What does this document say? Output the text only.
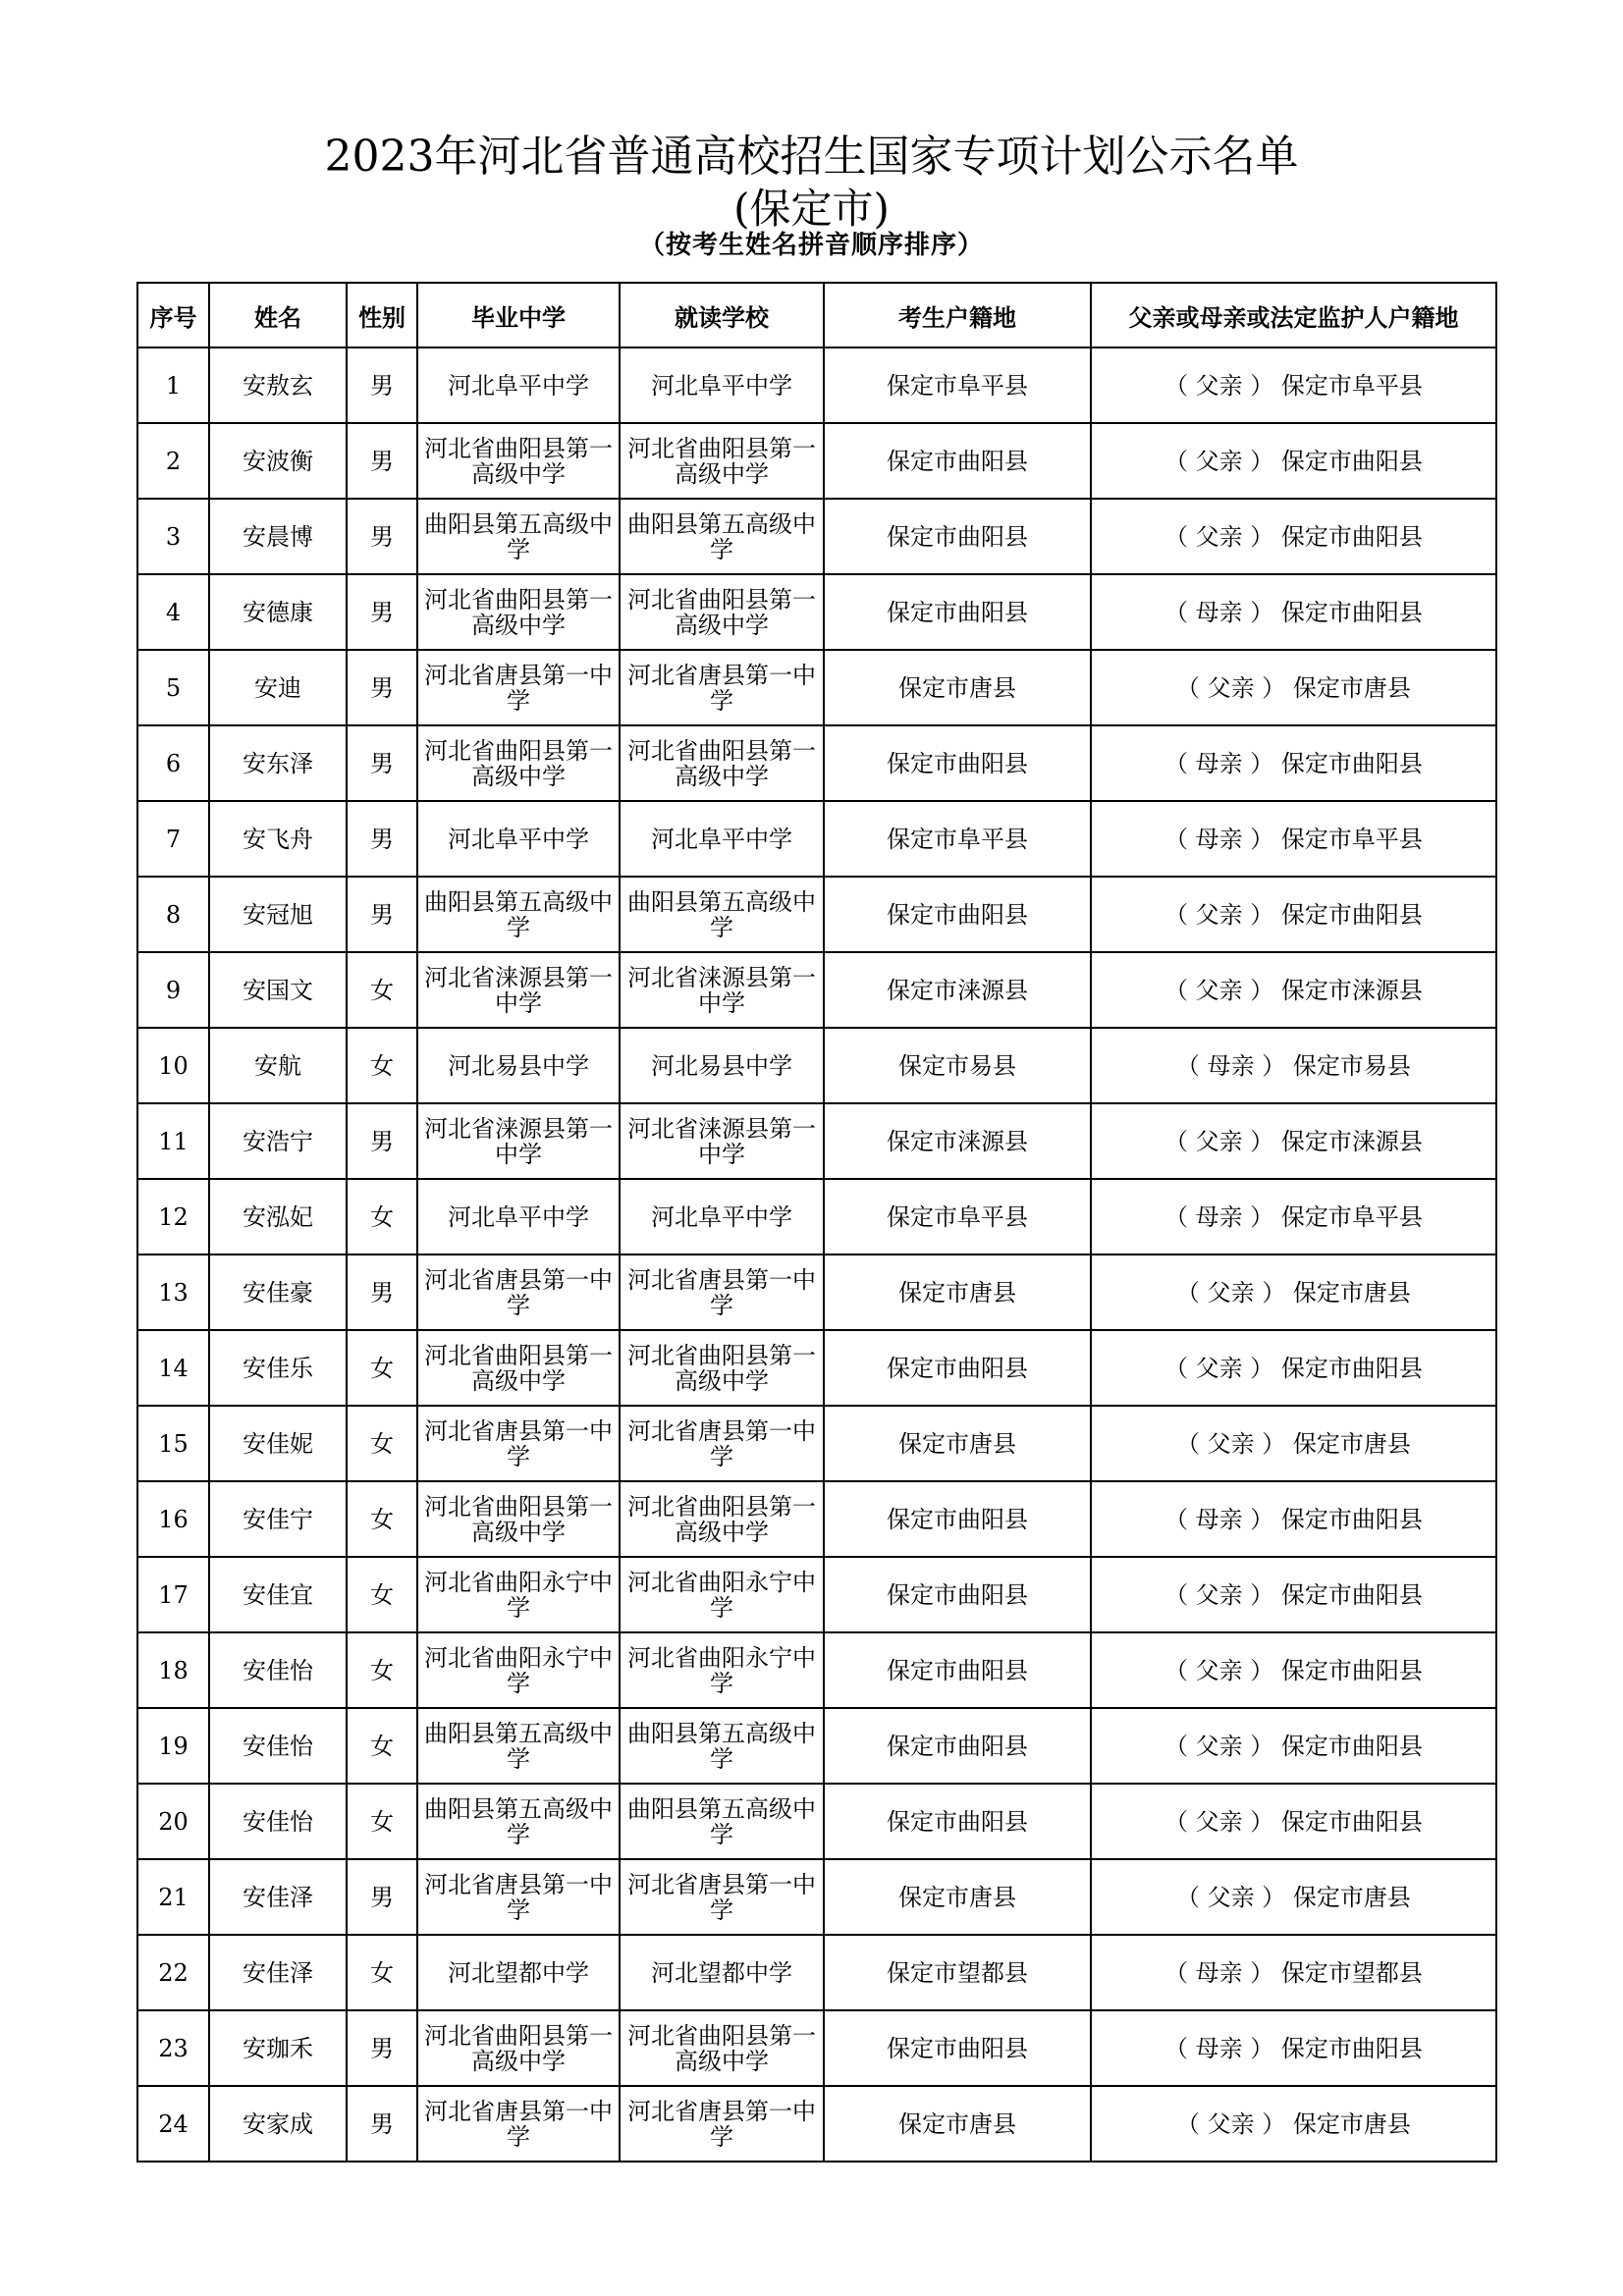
2023年河北省普通高校招生国家专项计划公示名单
(保定市)
（按考生姓名拼音顺序排序）
序号	姓名	性别	毕业中学	就读学校	考生户籍地	父亲或母亲或法定监护人户籍地
1	安敖玄	男	河北阜平中学	河北阜平中学	保定市阜平县	（ 父亲 ） 保定市阜平县
2	安波衡	男	河北省曲阳县第一高级中学	河北省曲阳县第一高级中学	保定市曲阳县	（ 父亲 ） 保定市曲阳县
3	安晨博	男	曲阳县第五高级中学	曲阳县第五高级中学	保定市曲阳县	（ 父亲 ） 保定市曲阳县
4	安德康	男	河北省曲阳县第一高级中学	河北省曲阳县第一高级中学	保定市曲阳县	（ 母亲 ） 保定市曲阳县
5	安迪	男	河北省唐县第一中学	河北省唐县第一中学	保定市唐县	（ 父亲 ） 保定市唐县
6	安东泽	男	河北省曲阳县第一高级中学	河北省曲阳县第一高级中学	保定市曲阳县	（ 母亲 ） 保定市曲阳县
7	安飞舟	男	河北阜平中学	河北阜平中学	保定市阜平县	（ 母亲 ） 保定市阜平县
8	安冠旭	男	曲阳县第五高级中学	曲阳县第五高级中学	保定市曲阳县	（ 父亲 ） 保定市曲阳县
9	安国文	女	河北省涞源县第一中学	河北省涞源县第一中学	保定市涞源县	（ 父亲 ） 保定市涞源县
10	安航	女	河北易县中学	河北易县中学	保定市易县	（ 母亲 ） 保定市易县
11	安浩宁	男	河北省涞源县第一中学	河北省涞源县第一中学	保定市涞源县	（ 父亲 ） 保定市涞源县
12	安泓妃	女	河北阜平中学	河北阜平中学	保定市阜平县	（ 母亲 ） 保定市阜平县
13	安佳豪	男	河北省唐县第一中学	河北省唐县第一中学	保定市唐县	（ 父亲 ） 保定市唐县
14	安佳乐	女	河北省曲阳县第一高级中学	河北省曲阳县第一高级中学	保定市曲阳县	（ 父亲 ） 保定市曲阳县
15	安佳妮	女	河北省唐县第一中学	河北省唐县第一中学	保定市唐县	（ 父亲 ） 保定市唐县
16	安佳宁	女	河北省曲阳县第一高级中学	河北省曲阳县第一高级中学	保定市曲阳县	（ 母亲 ） 保定市曲阳县
17	安佳宜	女	河北省曲阳永宁中学	河北省曲阳永宁中学	保定市曲阳县	（ 父亲 ） 保定市曲阳县
18	安佳怡	女	河北省曲阳永宁中学	河北省曲阳永宁中学	保定市曲阳县	（ 父亲 ） 保定市曲阳县
19	安佳怡	女	曲阳县第五高级中学	曲阳县第五高级中学	保定市曲阳县	（ 父亲 ） 保定市曲阳县
20	安佳怡	女	曲阳县第五高级中学	曲阳县第五高级中学	保定市曲阳县	（ 父亲 ） 保定市曲阳县
21	安佳泽	男	河北省唐县第一中学	河北省唐县第一中学	保定市唐县	（ 父亲 ） 保定市唐县
22	安佳泽	女	河北望都中学	河北望都中学	保定市望都县	（ 母亲 ） 保定市望都县
23	安珈禾	男	河北省曲阳县第一高级中学	河北省曲阳县第一高级中学	保定市曲阳县	（ 母亲 ） 保定市曲阳县
24	安家成	男	河北省唐县第一中学	河北省唐县第一中学	保定市唐县	（ 父亲 ） 保定市唐县
